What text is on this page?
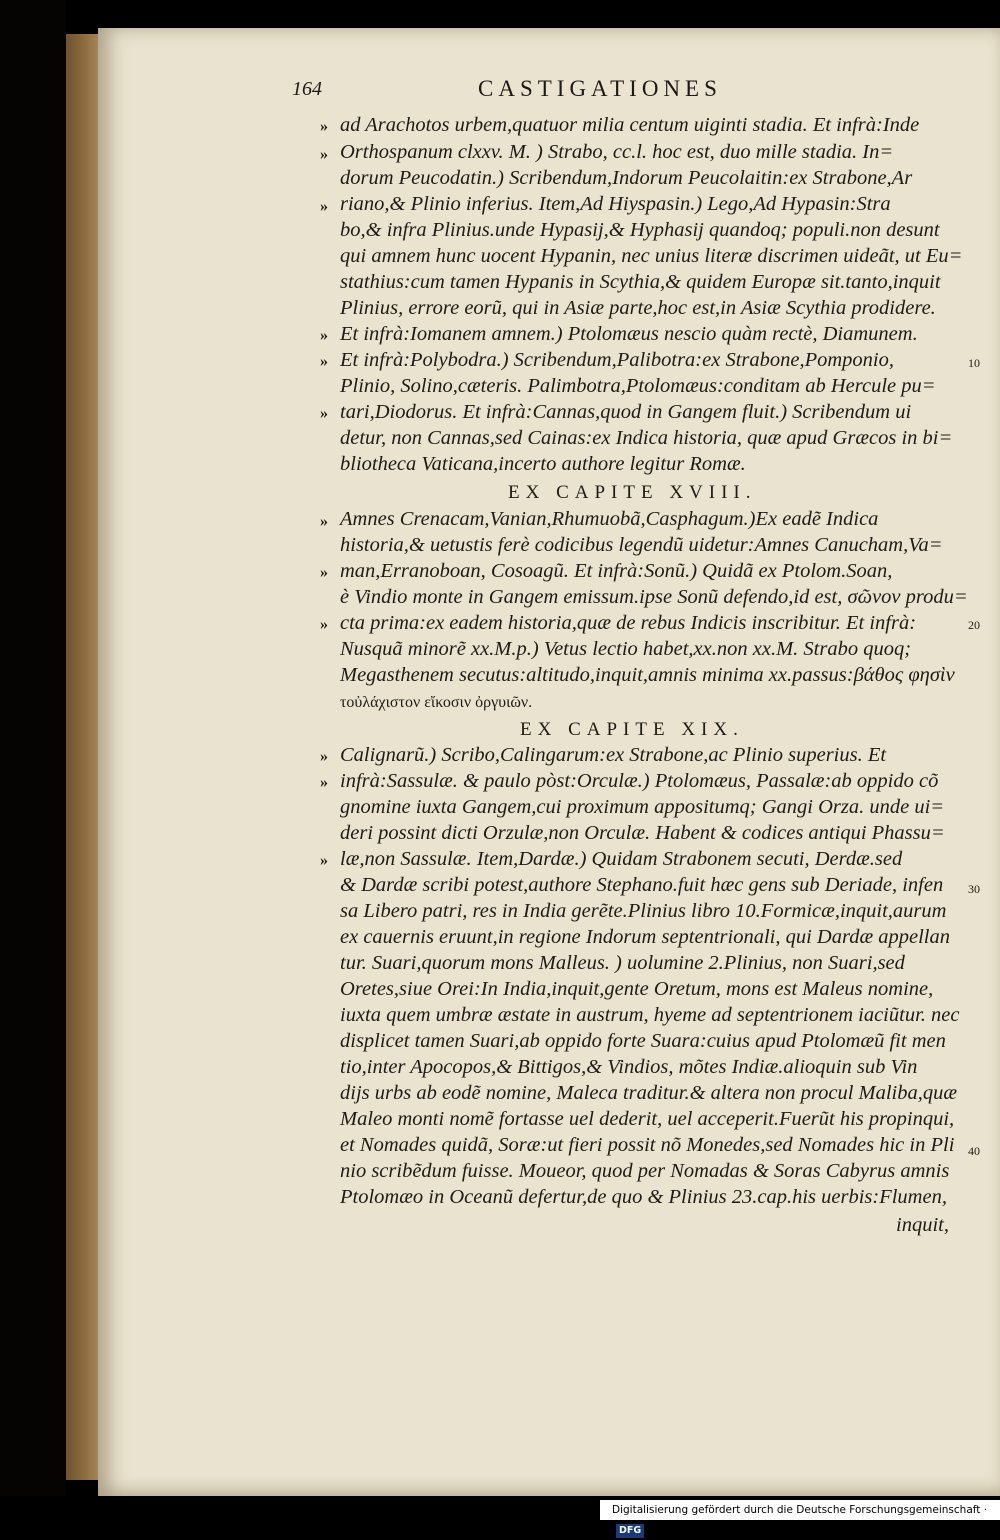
164	CASTIGATIONES
» ad Arachotos urbem,quatuor milia centum uiginti stadia. Et infrà:Inde
» Orthospanum clxxv. M. ) Strabo, cc.l. hoc est, duo mille stadia. In=
dorum Peucodatin.) Scribendum,Indorum Peucolaitin:ex Strabone,Ar
» riano,& Plinio inferius. Item,Ad Hiyspasin.) Lego,Ad Hypasin:Stra
bo,& infra Plinius.unde Hypasij,& Hyphasij quandoq; populi.non desunt
qui amnem hunc uocent Hypanin, nec unius literæ discrimen uideãt, ut Eu=
stathius:cum tamen Hypanis in Scythia,& quidem Europæ sit.tanto,inquit
Plinius, errore eorũ, qui in Asiæ parte,hoc est,in Asiæ Scythia prodidere.
» Et infrà:Iomanem amnem.) Ptolomæus nescio quàm rectè, Diamunem.
» Et infrà:Polybodra.) Scribendum,Palibotra:ex Strabone,Pomponio,	10
Plinio, Solino,cæteris. Palimbotra,Ptolomæus:conditam ab Hercule pu=
» tari,Diodorus. Et infrà:Cannas,quod in Gangem fluit.) Scribendum ui
detur, non Cannas,sed Cainas:ex Indica historia, quæ apud Græcos in bi=
bliotheca Vaticana,incerto authore legitur Romæ.
EX CAPITE XVIII.
» Amnes Crenacam,Vanian,Rhumuobã,Casphagum.)Ex eadẽ Indica
historia,& uetustis ferè codicibus legendũ uidetur:Amnes Canucham,Va=
» man,Erranoboan, Cosoagũ. Et infrà:Sonũ.) Quidã ex Ptolom.Soan,
è Vindio monte in Gangem emissum.ipse Sonũ defendo,id est, σῶνον produ=
» cta prima:ex eadem historia,quæ de rebus Indicis inscribitur. Et infrà:	20
Nusquã minorẽ xx.M.p.) Vetus lectio habet,xx.non xx.M. Strabo quoq;
Megasthenem secutus:altitudo,inquit,amnis minima xx.passus:βάθος φησὶν
τοὐλάχιστον εἴκοσιν ὀργυιῶν.
EX CAPITE XIX.
» Calignarũ.) Scribo,Calingarum:ex Strabone,ac Plinio superius. Et
» infrà:Sassulæ. & paulo pòst:Orculæ.) Ptolomæus, Passalæ:ab oppido cõ
gnomine iuxta Gangem,cui proximum appositumq; Gangi Orza. unde ui=
deri possint dicti Orzulæ,non Orculæ. Habent & codices antiqui Phassu=
» læ,non Sassulæ. Item,Dardæ.) Quidam Strabonem secuti, Derdæ.sed
& Dardæ scribi potest,authore Stephano.fuit hæc gens sub Deriade, infen 30
sa Libero patri, res in India gerẽte.Plinius libro 10.Formicæ,inquit,aurum
ex cauernis eruunt,in regione Indorum septentrionali, qui Dardæ appellan
tur. Suari,quorum mons Malleus. ) uolumine 2.Plinius, non Suari,sed
Oretes,siue Orei:In India,inquit,gente Oretum, mons est Maleus nomine,
iuxta quem umbræ æstate in austrum, hyeme ad septentrionem iaciũtur. nec
displicet tamen Suari,ab oppido forte Suara:cuius apud Ptolomæũ fit men
tio,inter Apocopos,& Bittigos,& Vindios, mõtes Indiæ.alioquin sub Vin
dijs urbs ab eodẽ nomine, Maleca traditur.& altera non procul Maliba,quæ
Maleo monti nomẽ fortasse uel dederit, uel acceperit.Fuerũt his propinqui,
et Nomades quidã, Soræ:ut fieri possit nõ Monedes,sed Nomades hic in Pli 40
nio scribẽdum fuisse. Moueor, quod per Nomadas & Soras Cabyrus amnis
Ptolomæo in Oceanũ defertur,de quo & Plinius 23.cap.his uerbis:Flumen,
inquit,
Digitalisierung gefördert durch die Deutsche Forschungsgemeinschaft · DFG
